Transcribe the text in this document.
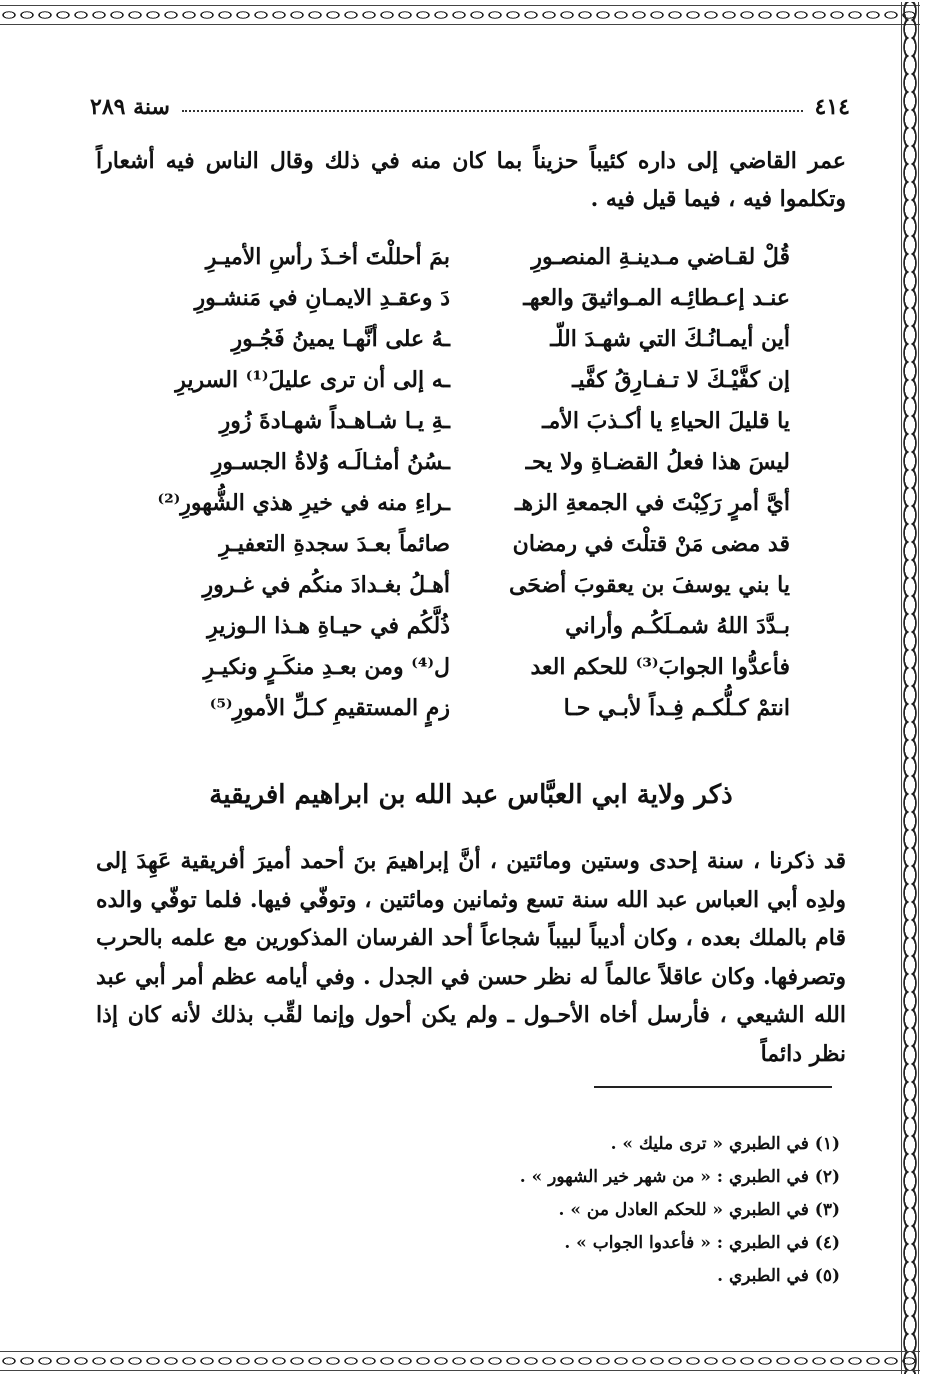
٤١٤
سنة ٢٨٩

عمر القاضي إلى داره كئيباً حزيناً بما كان منه في ذلك وقال الناس فيه أشعاراً وتكلموا فيه ، فيما قيل فيه .

قُلْ لقـاضي مـدينـةِ المنصـورِ
بمَ أحللْتَ أخـذَ رأسِ الأميـرِ
عنـد إعـطائِـه المـواثيقَ والعهـ
دَ وعقـدِ الايمـانِ في مَنشـورِ
أين أيمـانُـكَ التي شهـدَ اللّـ
ـهُ على أنَّهـا يمينُ فَجُـورِ
إن كفَّيْـكَ لا تـفـارِقُ كفَّيـ
ـه إلى أن ترى عليلَ⁽¹⁾ السريرِ
يا قليلَ الحياءِ يا أكـذبَ الأمـ
ـةِ يـا شـاهـداً شهـادةَ زُورِ
ليسَ هذا فعلُ القضـاةِ ولا يحـ
ـسُنُ أمثـالَـه وُلاةُ الجسـورِ
أيَّ أمرٍ رَكِبْتَ في الجمعةِ الزهـ
ـراءِ منه في خيرِ هذي الشُّهورِ⁽²⁾
قد مضى مَنْ قتلْتَ في رمضان
صائماً بعـدَ سجدةِ التعفيـرِ
يا بني يوسفَ بن يعقوبَ أضحَى
أهـلُ بغـدادَ منكُم في غـرورِ
بـدَّدَ اللهُ شمـلَكُـم وأراني
ذُلَّكُم في حيـاةِ هـذا الـوزيرِ
فأعدُّوا الجوابَ⁽³⁾ للحكم العد
ل⁽⁴⁾ ومن بعـدِ منكَـرٍ ونكيـرِ
انتمْ كـلُّكـم فِـداً لأبـي حـا
زمٍ المستقيمِ كـلِّ الأمورِ⁽⁵⁾
ذكر ولاية ابي العبَّاس عبد الله بن ابراهيم افريقية

قد ذكرنا ، سنة إحدى وستين ومائتين ، أنَّ إبراهيمَ بنَ أحمد أميرَ أفريقية عَهِدَ إلى ولدِه أبي العباس عبد الله سنة تسع وثمانين ومائتين ، وتوفّي فيها. فلما توفّي والده قام بالملك بعده ، وكان أديباً لبيباً شجاعاً أحد الفرسان المذكورين مع علمه بالحرب وتصرفها. وكان عاقلاً عالماً له نظر حسن في الجدل . وفي أيامه عظم أمر أبي عبد الله الشيعي ، فأرسل أخاه الأحـول ـ ولم يكن أحول وإنما لقِّب بذلك لأنه كان إذا نظر دائماً

(١) في الطبري « ترى مليك » .
(٢) في الطبري : « من شهر خير الشهور » .
(٣) في الطبري « للحكم العادل من » .
(٤) في الطبري : « فأعدوا الجواب » .
(٥) في الطبري .
